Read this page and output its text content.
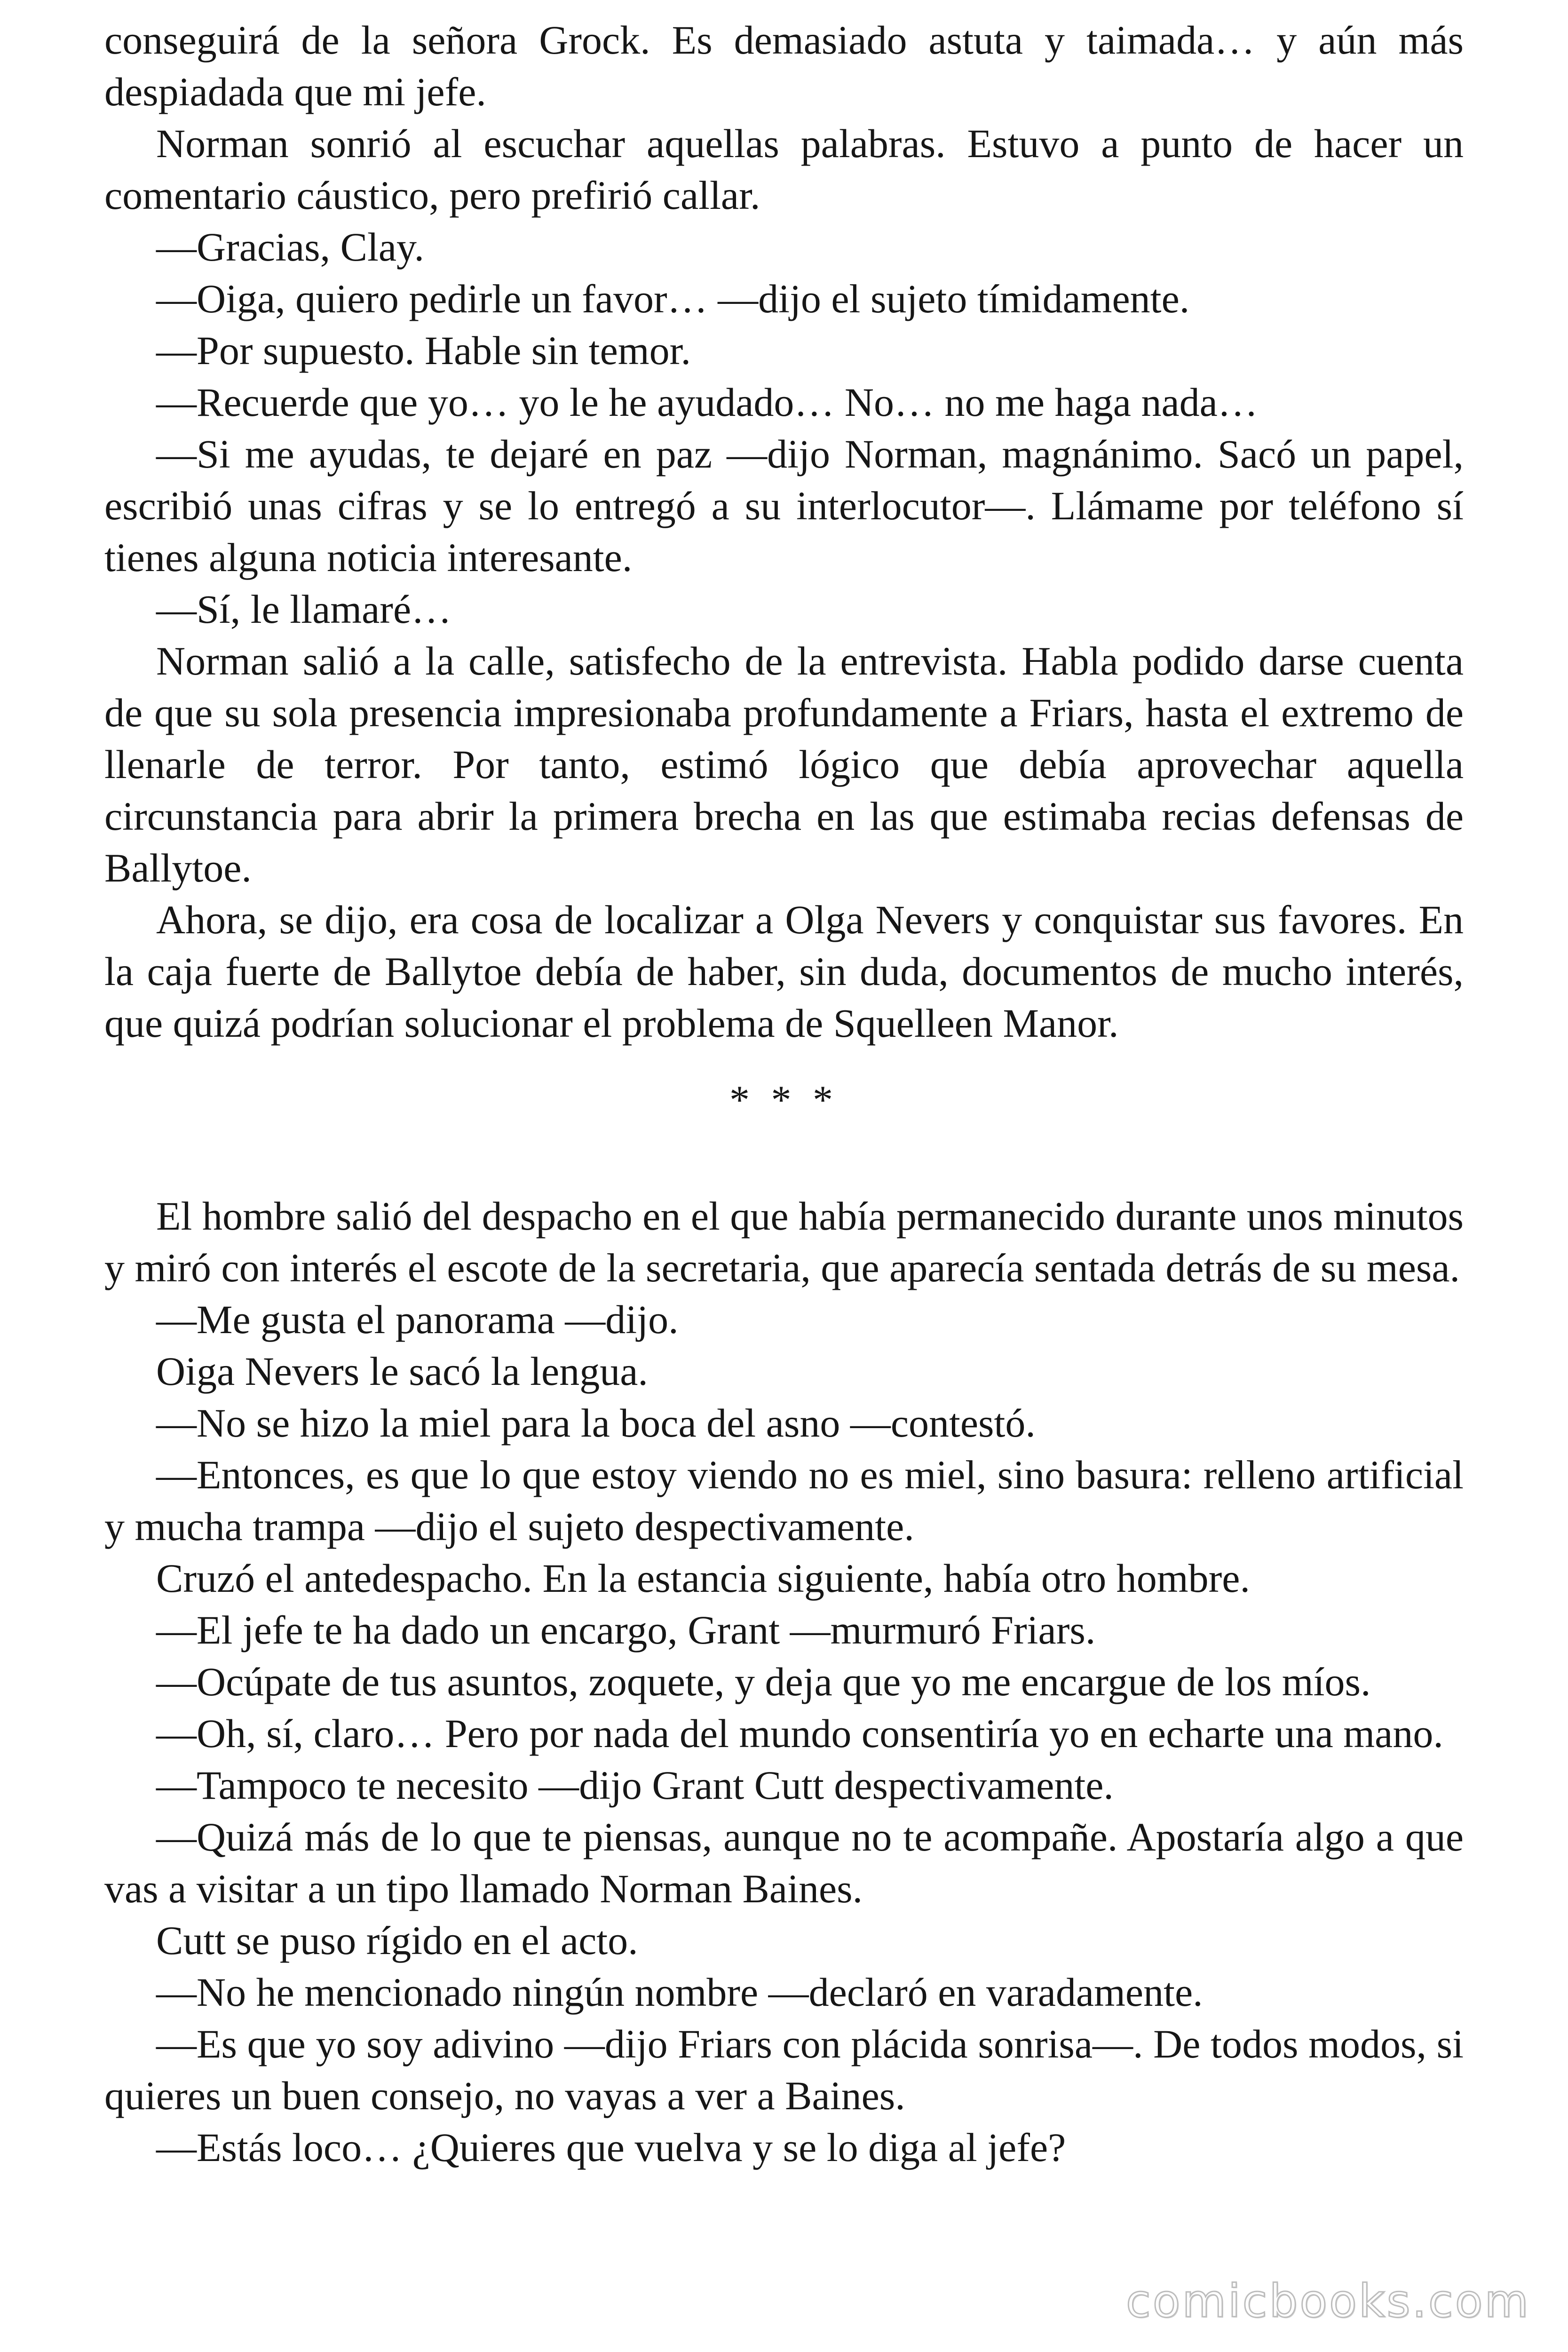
conseguirá de la señora Grock. Es demasiado astuta y taimada… y aún más despiadada que mi jefe.

Norman sonrió al escuchar aquellas palabras. Estuvo a punto de hacer un comentario cáustico, pero prefirió callar.

—Gracias, Clay.

—Oiga, quiero pedirle un favor… —dijo el sujeto tímidamente.

—Por supuesto. Hable sin temor.

—Recuerde que yo… yo le he ayudado… No… no me haga nada…

—Si me ayudas, te dejaré en paz —dijo Norman, magnánimo. Sacó un papel, escribió unas cifras y se lo entregó a su interlocutor—. Llámame por teléfono sí tienes alguna noticia interesante.

—Sí, le llamaré…

Norman salió a la calle, satisfecho de la entrevista. Habla podido darse cuenta de que su sola presencia impresionaba profundamente a Friars, hasta el extremo de llenarle de terror. Por tanto, estimó lógico que debía aprovechar aquella circunstancia para abrir la primera brecha en las que estimaba recias defensas de Ballytoe.

Ahora, se dijo, era cosa de localizar a Olga Nevers y conquistar sus favores. En la caja fuerte de Ballytoe debía de haber, sin duda, documentos de mucho interés, que quizá podrían solucionar el problema de Squelleen Manor.

* * *

El hombre salió del despacho en el que había permanecido durante unos minutos y miró con interés el escote de la secretaria, que aparecía sentada detrás de su mesa.

—Me gusta el panorama —dijo.

Oiga Nevers le sacó la lengua.

—No se hizo la miel para la boca del asno —contestó.

—Entonces, es que lo que estoy viendo no es miel, sino basura: relleno artificial y mucha trampa —dijo el sujeto despectivamente.

Cruzó el antedespacho. En la estancia siguiente, había otro hombre.

—El jefe te ha dado un encargo, Grant —murmuró Friars.

—Ocúpate de tus asuntos, zoquete, y deja que yo me encargue de los míos.

—Oh, sí, claro… Pero por nada del mundo consentiría yo en echarte una mano.

—Tampoco te necesito —dijo Grant Cutt despectivamente.

—Quizá más de lo que te piensas, aunque no te acompañe. Apostaría algo a que vas a visitar a un tipo llamado Norman Baines.

Cutt se puso rígido en el acto.

—No he mencionado ningún nombre —declaró en varadamente.

—Es que yo soy adivino —dijo Friars con plácida sonrisa—. De todos modos, si quieres un buen consejo, no vayas a ver a Baines.

—Estás loco… ¿Quieres que vuelva y se lo diga al jefe?

comicbooks.com
